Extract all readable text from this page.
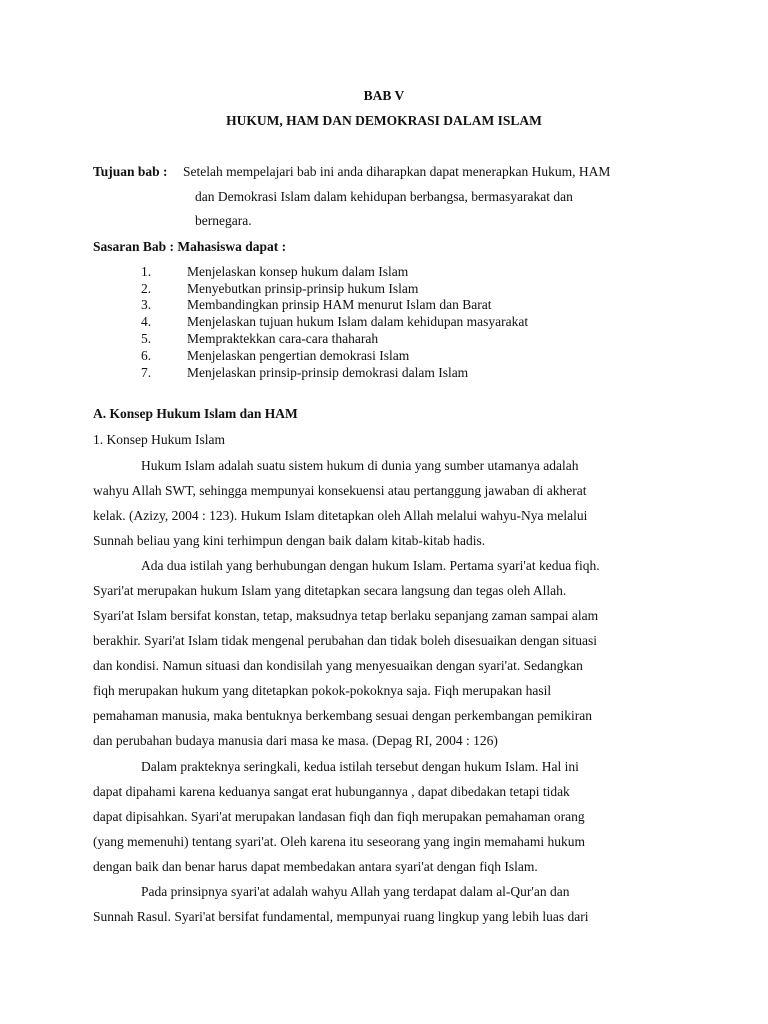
BAB V
HUKUM, HAM DAN DEMOKRASI DALAM ISLAM
Tujuan bab : Setelah mempelajari bab ini anda diharapkan dapat menerapkan Hukum, HAM
dan Demokrasi Islam dalam kehidupan berbangsa, bermasyarakat dan
bernegara.
Sasaran Bab : Mahasiswa dapat :
1.	Menjelaskan konsep hukum dalam Islam
2.	Menyebutkan prinsip-prinsip hukum Islam
3.	Membandingkan prinsip HAM menurut Islam dan Barat
4.	Menjelaskan tujuan hukum Islam dalam kehidupan masyarakat
5.	Mempraktekkan cara-cara thaharah
6.	Menjelaskan pengertian demokrasi Islam
7.	Menjelaskan prinsip-prinsip demokrasi dalam Islam
A. Konsep Hukum Islam dan HAM
1. Konsep Hukum Islam
Hukum Islam adalah suatu sistem hukum di dunia yang sumber utamanya adalah
wahyu Allah SWT, sehingga mempunyai konsekuensi atau pertanggung jawaban di akherat
kelak. (Azizy, 2004 : 123). Hukum Islam ditetapkan oleh Allah melalui wahyu-Nya melalui
Sunnah beliau yang kini terhimpun dengan baik dalam kitab-kitab hadis.
Ada dua istilah yang berhubungan dengan hukum Islam. Pertama syari'at kedua fiqh.
Syari'at merupakan hukum Islam yang ditetapkan secara langsung dan tegas oleh Allah.
Syari'at Islam bersifat konstan, tetap, maksudnya tetap berlaku sepanjang zaman sampai alam
berakhir. Syari'at Islam tidak mengenal perubahan dan tidak boleh disesuaikan dengan situasi
dan kondisi. Namun situasi dan kondisilah yang menyesuaikan dengan syari'at. Sedangkan
fiqh merupakan hukum yang ditetapkan pokok-pokoknya saja. Fiqh merupakan hasil
pemahaman manusia, maka bentuknya berkembang sesuai dengan perkembangan pemikiran
dan perubahan budaya manusia dari masa ke masa. (Depag RI, 2004 : 126)
Dalam prakteknya seringkali, kedua istilah tersebut dengan hukum Islam. Hal ini
dapat dipahami karena keduanya sangat erat hubungannya , dapat dibedakan tetapi tidak
dapat dipisahkan. Syari'at merupakan landasan fiqh dan fiqh merupakan pemahaman orang
(yang memenuhi) tentang syari'at. Oleh karena itu seseorang yang ingin memahami hukum
dengan baik dan benar harus dapat membedakan antara syari'at dengan fiqh Islam.
Pada prinsipnya syari'at adalah wahyu Allah yang terdapat dalam al-Qur'an dan
Sunnah Rasul. Syari'at bersifat fundamental, mempunyai ruang lingkup yang lebih luas dari
